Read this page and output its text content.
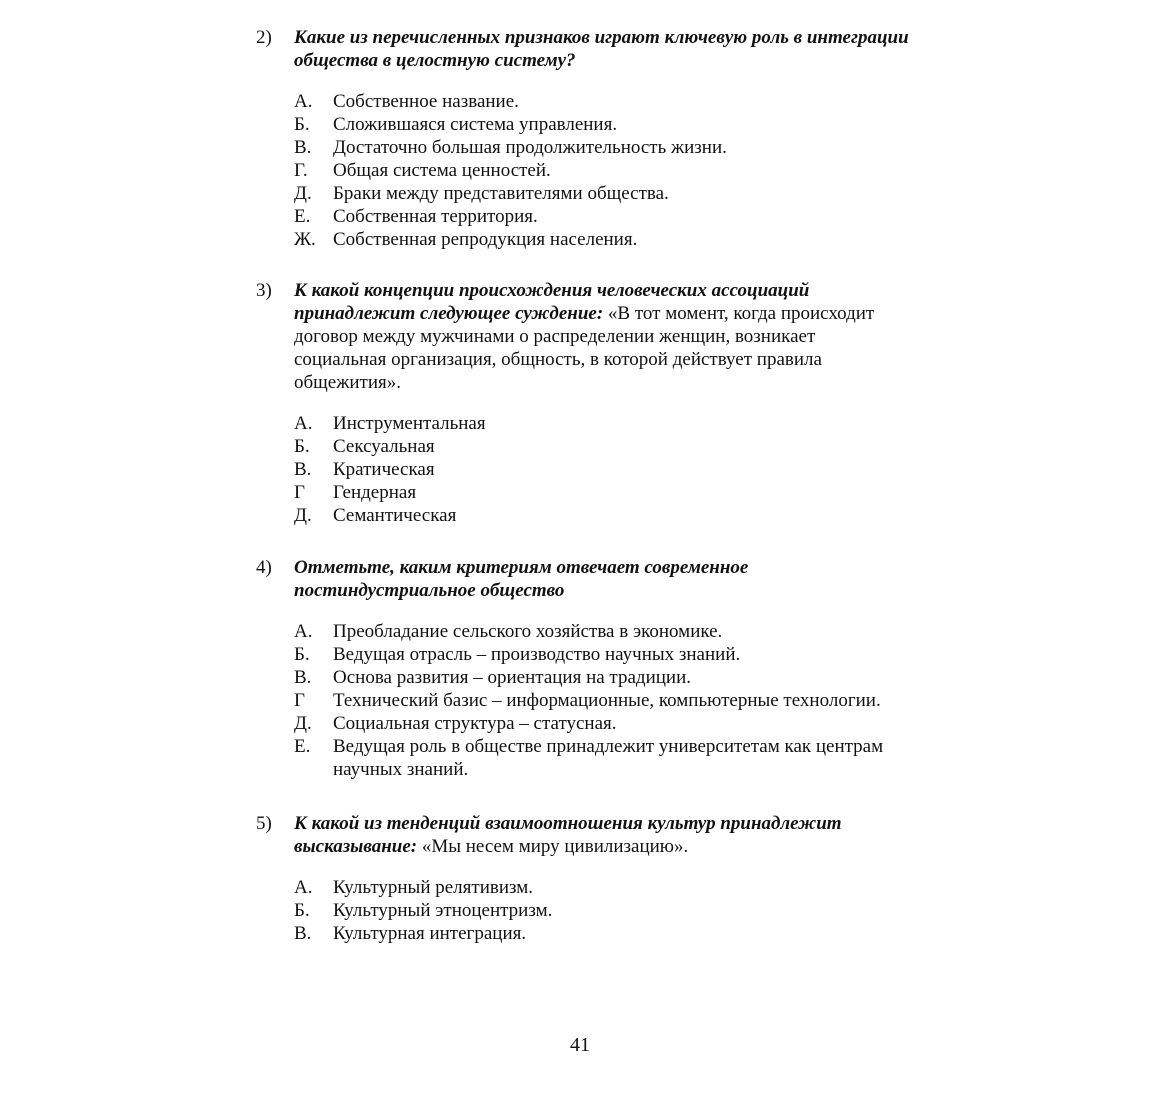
2)	Какие из перечисленных признаков играют ключевую роль в интеграции общества в целостную систему?
А.	Собственное название.
Б.	Сложившаяся система управления.
В.	Достаточно большая продолжительность жизни.
Г.	Общая система ценностей.
Д.	Браки между представителями общества.
Е.	Собственная территория.
Ж. Собственная репродукция населения.
3)	К какой концепции происхождения человеческих ассоциаций принадлежит следующее суждение: «В тот момент, когда происходит договор между мужчинами о распределении женщин, возникает социальная организация, общность, в которой действует правила общежития».
А.	Инструментальная
Б.	Сексуальная
В.	Кратическая
Г	Гендерная
Д.	Семантическая
4)	Отметьте, каким критериям отвечает современное постиндустриальное общество
А.	Преобладание сельского хозяйства в экономике.
Б.	Ведущая отрасль – производство научных знаний.
В.	Основа развития – ориентация на традиции.
Г	Технический базис – информационные, компьютерные технологии.
Д.	Социальная структура – статусная.
Е.	Ведущая роль в обществе принадлежит университетам как центрам научных знаний.
5)	К какой из тенденций взаимоотношения культур принадлежит высказывание: «Мы несем миру цивилизацию».
А.	Культурный релятивизм.
Б.	Культурный этноцентризм.
В.	Культурная интеграция.
41
